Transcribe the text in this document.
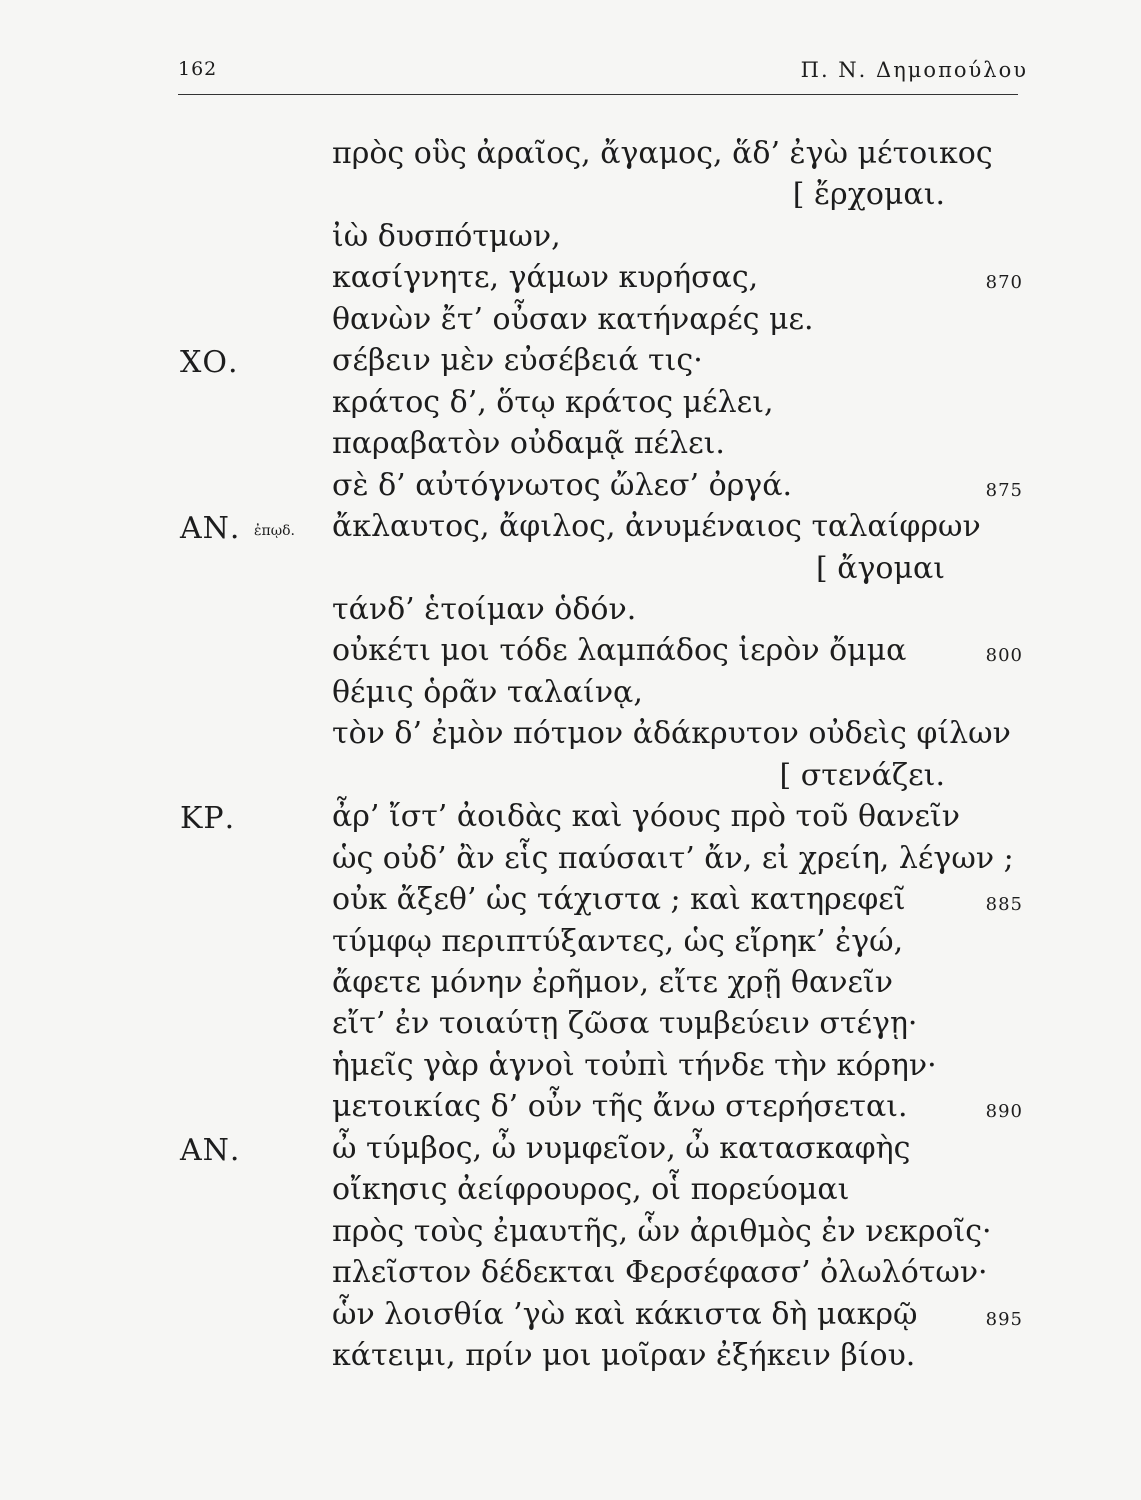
162	Π. Ν. Δημοπούλου
πρὸς οὓς ἀραῖος, ἄγαμος, ἅδ’ ἐγὼ μέτοικος
[ ἔρχομαι.
ἰὼ δυσπότμων,
κασίγνητε, γάμων κυρήσας,	870
θανὼν ἔτ’ οὖσαν κατήναρές με.
ΧΟ.	σέβειν μὲν εὐσέβειά τις·
κράτος δ’, ὅτῳ κράτος μέλει,
παραβατὸν οὐδαμᾷ πέλει.
σὲ δ’ αὐτόγνωτος ὤλεσ’ ὀργά.	875
ΑΝ. ἐπῳδ. ἄκλαυτος, ἄφιλος, ἀνυμέναιος ταλαίφρων
[ ἄγομαι
τάνδ’ ἑτοίμαν ὁδόν.
οὐκέτι μοι τόδε λαμπάδος ἱερὸν ὄμμα	800
θέμις ὁρᾶν ταλαίνᾳ,
τὸν δ’ ἐμὸν πότμον ἀδάκρυτον οὐδεὶς φίλων
[ στενάζει.
ΚΡ.	ἆρ’ ἴστ’ ἀοιδὰς καὶ γόους πρὸ τοῦ θανεῖν
ὡς οὐδ’ ἂν εἷς παύσαιτ’ ἄν, εἰ χρείη, λέγων ;
οὐκ ἄξεθ’ ὡς τάχιστα ; καὶ κατηρεφεῖ	885
τύμφῳ περιπτύξαντες, ὡς εἴρηκ’ ἐγώ,
ἄφετε μόνην ἐρῆμον, εἴτε χρῇ θανεῖν
εἴτ’ ἐν τοιαύτῃ ζῶσα τυμβεύειν στέγῃ·
ἡμεῖς γὰρ ἁγνοὶ τοὐπὶ τήνδε τὴν κόρην·
μετοικίας δ’ οὖν τῆς ἄνω στερήσεται.	890
ΑΝ.	ὦ τύμβος, ὦ νυμφεῖον, ὦ κατασκαφὴς
οἴκησις ἀείφρουρος, οἷ πορεύομαι
πρὸς τοὺς ἐμαυτῆς, ὧν ἀριθμὸς ἐν νεκροῖς·
πλεῖστον δέδεκται Φερσέφασσ’ ὀλωλότων·
ὧν λοισθία ’γὼ καὶ κάκιστα δὴ μακρῷ	895
κάτειμι, πρίν μοι μοῖραν ἐξήκειν βίου.
